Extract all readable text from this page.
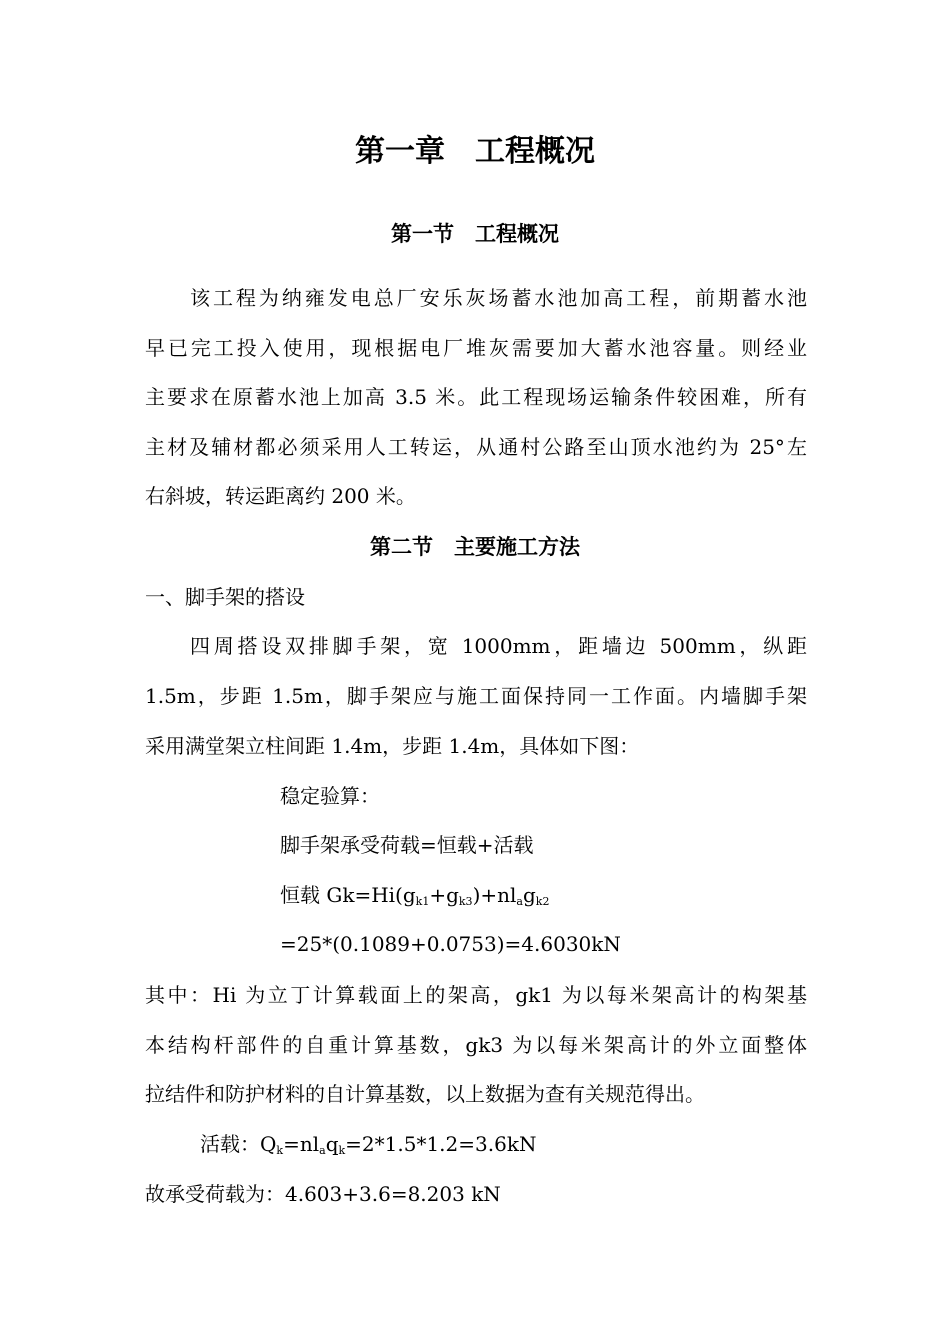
第一章　工程概况
第一节　工程概况
该工程为纳雍发电总厂安乐灰场蓄水池加高工程，前期蓄水池
早已完工投入使用，现根据电厂堆灰需要加大蓄水池容量。则经业
主要求在原蓄水池上加高 3.5 米。此工程现场运输条件较困难，所有
主材及辅材都必须采用人工转运，从通村公路至山顶水池约为 25°左
右斜坡，转运距离约 200 米。
第二节　主要施工方法
一、脚手架的搭设
四周搭设双排脚手架，宽 1000mm，距墙边 500mm，纵距
1.5m，步距 1.5m，脚手架应与施工面保持同一工作面。内墙脚手架
采用满堂架立柱间距 1.4m，步距 1.4m，具体如下图：
稳定验算：
脚手架承受荷载=恒载+活载
恒载 $Gk=Hi(g_{k1}+g_{k3})+nl_ag_{k2}$
=25*(0.1089+0.0753)=4.6030kN
其中：Hi 为立丁计算载面上的架高，gk1 为以每米架高计的构架基
本结构杆部件的自重计算基数，gk3 为以每米架高计的外立面整体
拉结件和防护材料的自计算基数，以上数据为查有关规范得出。
活载：$Q_k=nl_aq_k=2*1.5*1.2=3.6kN$
故承受荷载为：4.603+3.6=8.203 kN
